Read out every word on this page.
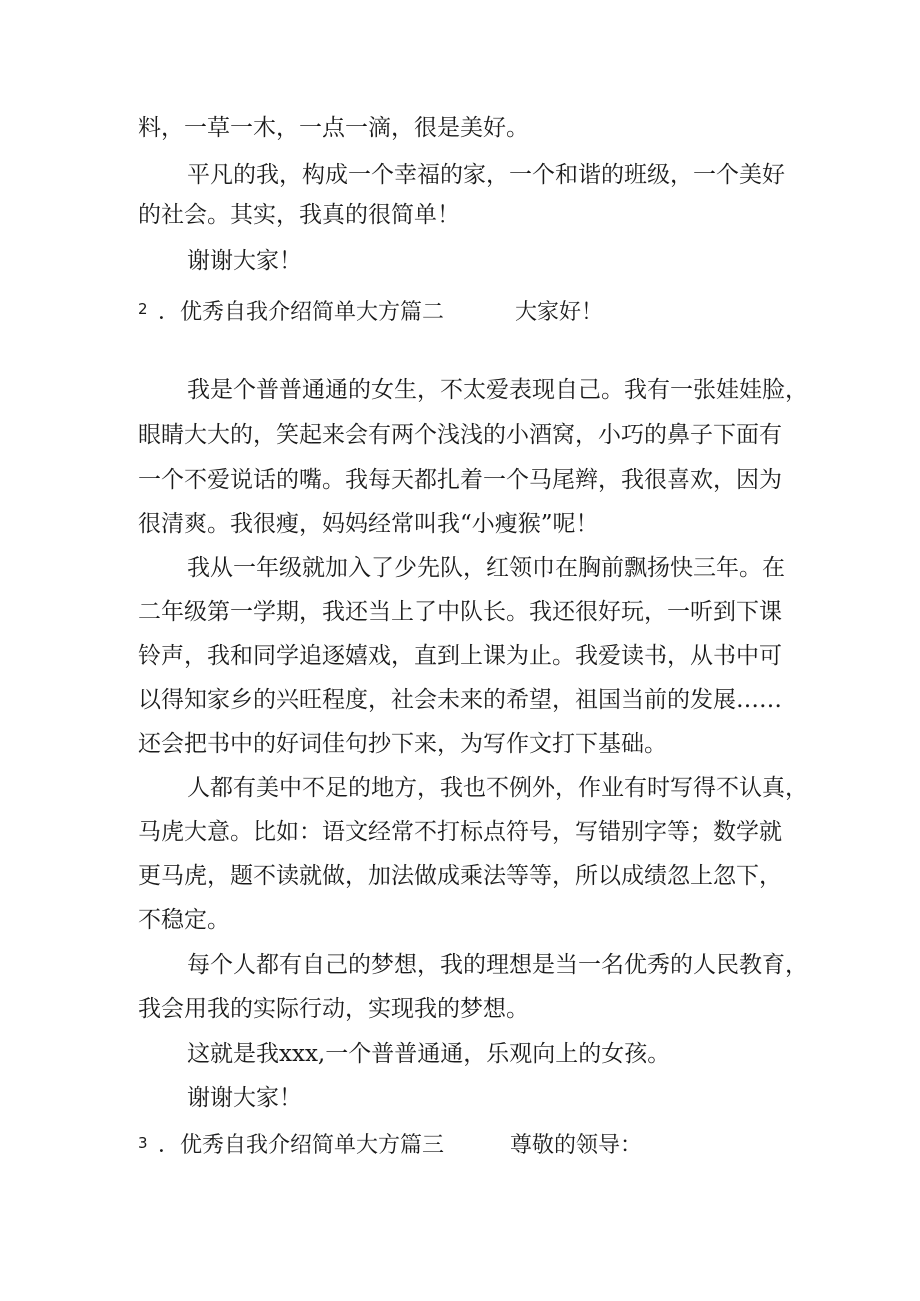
料，一草一木，一点一滴，很是美好。
平凡的我，构成一个幸福的家，一个和谐的班级，一个美好
的社会。其实，我真的很简单！
谢谢大家！
2 ．优秀自我介绍简单大方篇二	大家好！
我是个普普通通的女生，不太爱表现自己。我有一张娃娃脸，
眼睛大大的，笑起来会有两个浅浅的小酒窝，小巧的鼻子下面有
一个不爱说话的嘴。我每天都扎着一个马尾辫，我很喜欢，因为
很清爽。我很瘦，妈妈经常叫我“小瘦猴”呢！
我从一年级就加入了少先队，红领巾在胸前飘扬快三年。在
二年级第一学期，我还当上了中队长。我还很好玩，一听到下课
铃声，我和同学追逐嬉戏，直到上课为止。我爱读书，从书中可
以得知家乡的兴旺程度，社会未来的希望，祖国当前的发展……
还会把书中的好词佳句抄下来，为写作文打下基础。
人都有美中不足的地方，我也不例外，作业有时写得不认真，
马虎大意。比如：语文经常不打标点符号，写错别字等；数学就
更马虎，题不读就做，加法做成乘法等等，所以成绩忽上忽下，
不稳定。
每个人都有自己的梦想，我的理想是当一名优秀的人民教育，
我会用我的实际行动，实现我的梦想。
这就是我xxx,一个普普通通，乐观向上的女孩。
谢谢大家！
3 ．优秀自我介绍简单大方篇三	尊敬的领导：
